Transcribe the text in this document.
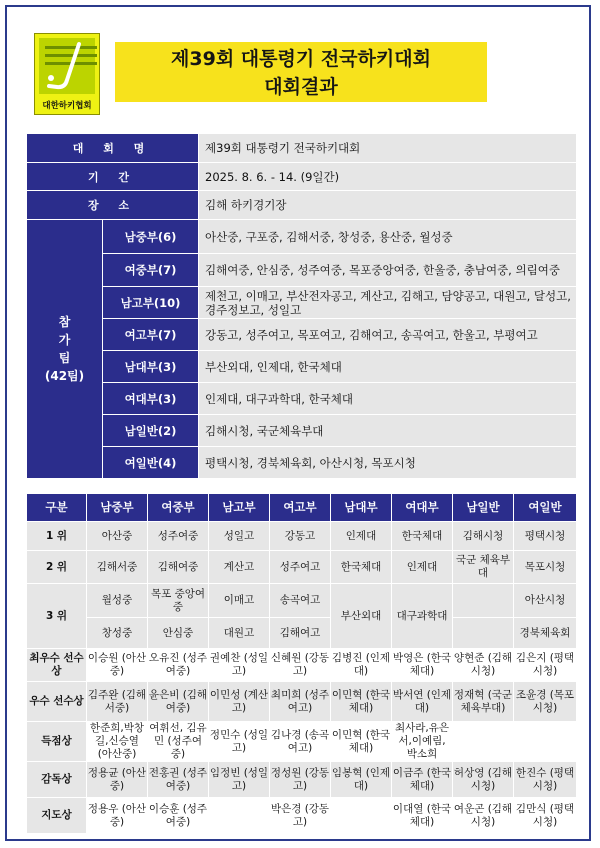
대한하키협회
제39회 대통령기 전국하키대회
대회결과
대 회 명		제39회 대통령기 전국하키대회
기 간		2025. 8. 6. - 14. (9일간)
장 소		김해 하키경기장

참
가
팀
(42팀)	남중부(6)	아산중, 구포중, 김해서중, 창성중, 용산중, 월성중
	여중부(7)	김해여중, 안심중, 성주여중, 목포중앙여중, 한울중, 충남여중, 의림여중
	남고부(10)	제천고, 이매고, 부산전자공고, 계산고, 김해고, 담양공고, 대원고, 달성고, 경주정보고, 성일고
	여고부(7)	강동고, 성주여고, 목포여고, 김해여고, 송곡여고, 한울고, 부평여고
	남대부(3)	부산외대, 인제대, 한국체대
	여대부(3)	인제대, 대구과학대, 한국체대
	남일반(2)	김해시청, 국군체육부대
	여일반(4)	평택시청, 경북체육회, 아산시청, 목포시청
구분	남중부	여중부	남고부	여고부	남대부	여대부	남일반	여일반
1 위	아산중	성주여중	성일고	강동고	인제대	한국체대	김해시청	평택시청
2 위	김해서중	김해여중	계산고	성주여고	한국체대	인제대	국군 체육부대	목포시청
3 위	월성중	목포 중앙여중	이매고	송곡여고	부산외대	대구과학대		아산시청
	창성중	안심중	대원고	김해여고				경북체육회
최우수 선수상	이승원 (아산중)	오유진 (성주여중)	권예찬 (성일고)	신혜원 (강동고)	김병진 (인제대)	박영은 (한국체대)	양현준 (김해시청)	김은지 (평택시청)
우수 선수상	김주완 (김해서중)	윤은비 (김해여중)	이민성 (계산고)	최미희 (성주여고)	이민혁 (한국체대)	박서연 (인제대)	정재혁 (국군체육부대)	조윤경 (목포시청)
득점상	한준희,박창길,신승열 (아산중)	여휘선, 김유민 (성주여중)	정민수 (성일고)	김나경 (송곡여고)	이민혁 (한국체대)	최사라,유은서,이예림, 박소희		
감독상	정용균 (아산중)	전홍권 (성주여중)	임정빈 (성일고)	정성원 (강동고)	임봉혁 (인제대)	이금주 (한국체대)	허상영 (김해시청)	한진수 (평택시청)
지도상	정용우 (아산중)	이승훈 (성주여중)		박은경 (강동고)		이대열 (한국체대)	여운곤 (김해시청)	김만식 (평택시청)
